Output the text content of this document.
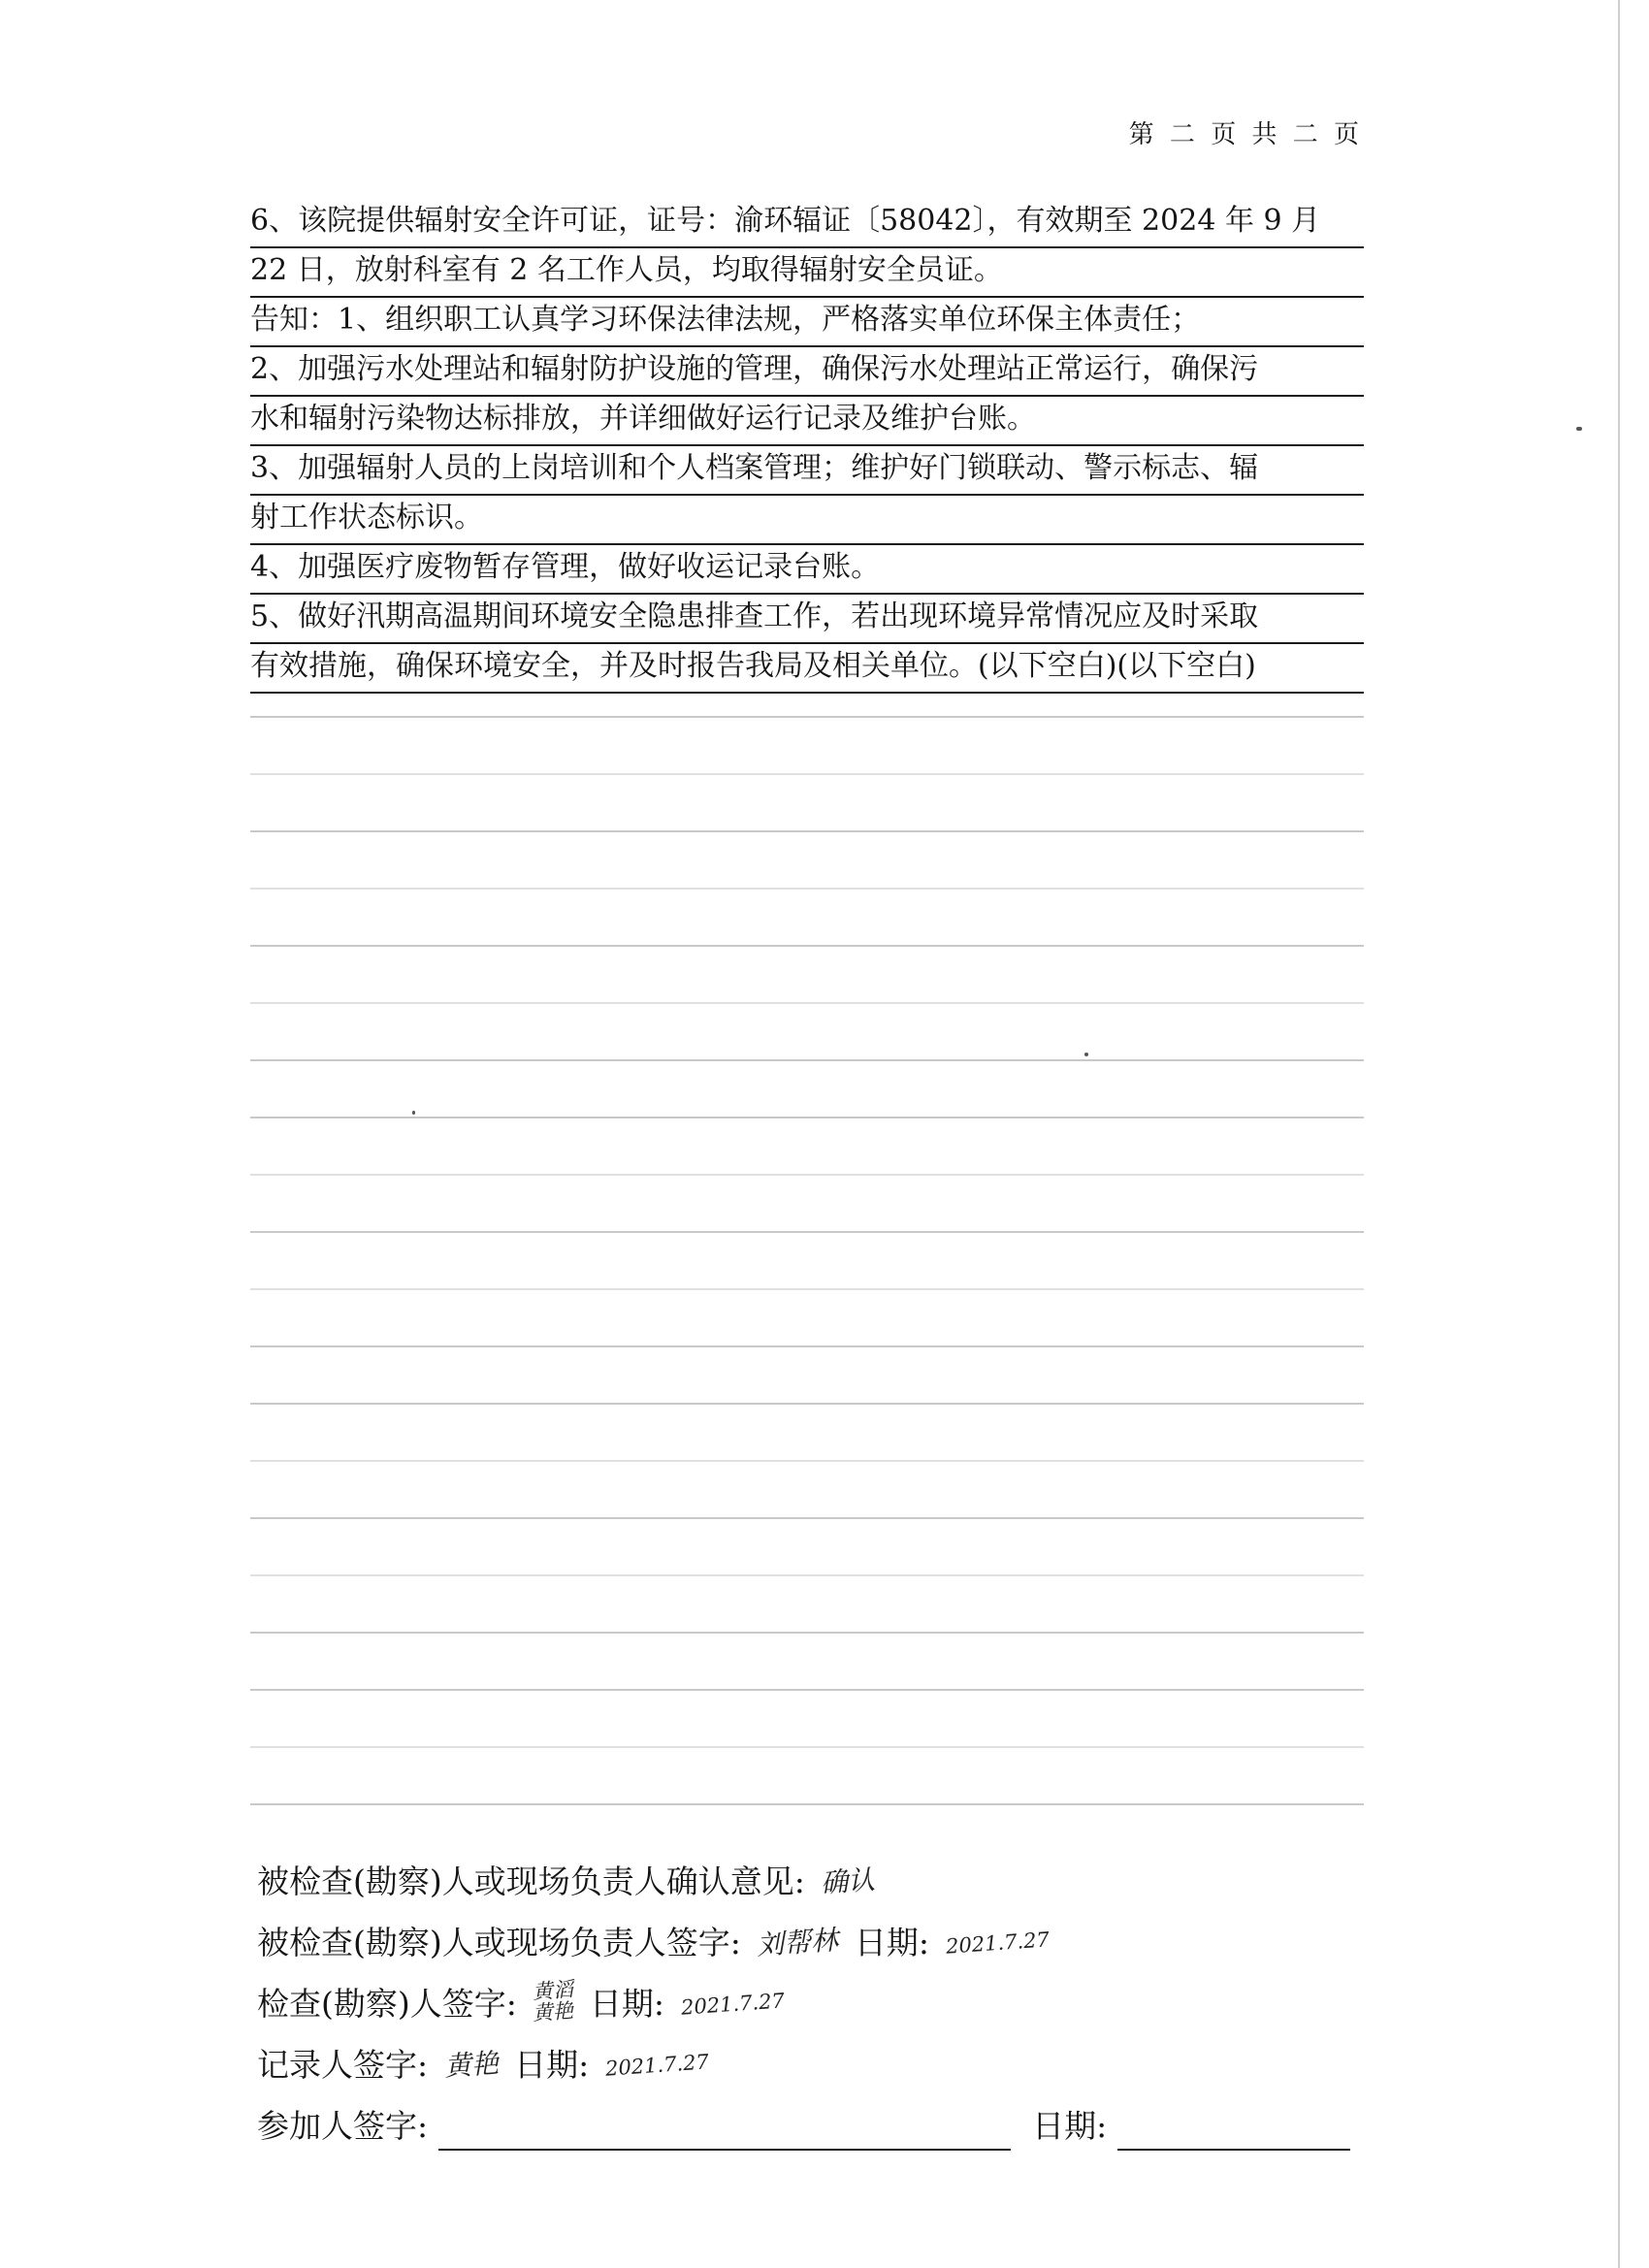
第 二 页 共 二 页
6、该院提供辐射安全许可证，证号：渝环辐证〔58042〕，有效期至 2024 年 9 月
22 日，放射科室有 2 名工作人员，均取得辐射安全员证。
告知：1、组织职工认真学习环保法律法规，严格落实单位环保主体责任；
2、加强污水处理站和辐射防护设施的管理，确保污水处理站正常运行，确保污
水和辐射污染物达标排放，并详细做好运行记录及维护台账。
3、加强辐射人员的上岗培训和个人档案管理；维护好门锁联动、警示标志、辐
射工作状态标识。
4、加强医疗废物暂存管理，做好收运记录台账。
5、做好汛期高温期间环境安全隐患排查工作，若出现环境异常情况应及时采取
有效措施，确保环境安全，并及时报告我局及相关单位。(以下空白)(以下空白)
被检查(勘察)人或现场负责人确认意见: 确认
被检查(勘察)人或现场负责人签字: 刘帮林 日期: 2021.7.27
检查(勘察)人签字: 黄滔
黄艳 日期: 2021.7.27
记录人签字: 黄艳 日期: 2021.7.27
参加人签字:	日期:
